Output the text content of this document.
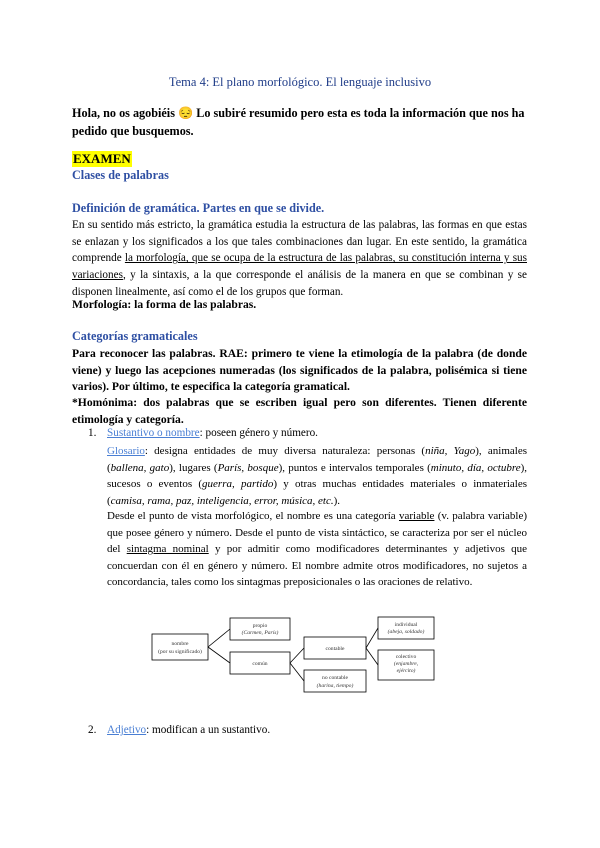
Tema 4: El plano morfológico. El lenguaje inclusivo
Hola, no os agobiéis 😔 Lo subiré resumido pero esta es toda la información que nos ha pedido que busquemos.
EXAMEN
Clases de palabras
Definición de gramática. Partes en que se divide.
En su sentido más estricto, la gramática estudia la estructura de las palabras, las formas en que estas se enlazan y los significados a los que tales combinaciones dan lugar. En este sentido, la gramática comprende la morfología, que se ocupa de la estructura de las palabras, su constitución interna y sus variaciones, y la sintaxis, a la que corresponde el análisis de la manera en que se combinan y se disponen linealmente, así como el de los grupos que forman.
Morfología: la forma de las palabras.
Categorías gramaticales
Para reconocer las palabras. RAE: primero te viene la etimología de la palabra (de donde viene) y luego las acepciones numeradas (los significados de la palabra, polisémica si tiene varios). Por último, te especifica la categoría gramatical.
*Homónima: dos palabras que se escriben igual pero son diferentes. Tienen diferente etimología y categoría.
1. Sustantivo o nombre: poseen género y número.
Glosario: designa entidades de muy diversa naturaleza: personas (niña, Yago), animales (ballena, gato), lugares (París, bosque), puntos e intervalos temporales (minuto, día, octubre), sucesos o eventos (guerra, partido) y otras muchas entidades materiales o inmateriales (camisa, rama, paz, inteligencia, error, música, etc.).
Desde el punto de vista morfológico, el nombre es una categoría variable (v. palabra variable) que posee género y número. Desde el punto de vista sintáctico, se caracteriza por ser el núcleo del sintagma nominal y por admitir como modificadores determinantes y adjetivos que concuerdan con él en género y número. El nombre admite otros modificadores, no sujetos a concordancia, tales como los sintagmas preposicionales o las oraciones de relativo.
nombre
(por su significado)
propio
(Carmen, París)
común
contable
no contable
(harina, tiempo)
individual
(abeja, soldado)
colectivo
(enjambre,
ejército)
2. Adjetivo: modifican a un sustantivo.
